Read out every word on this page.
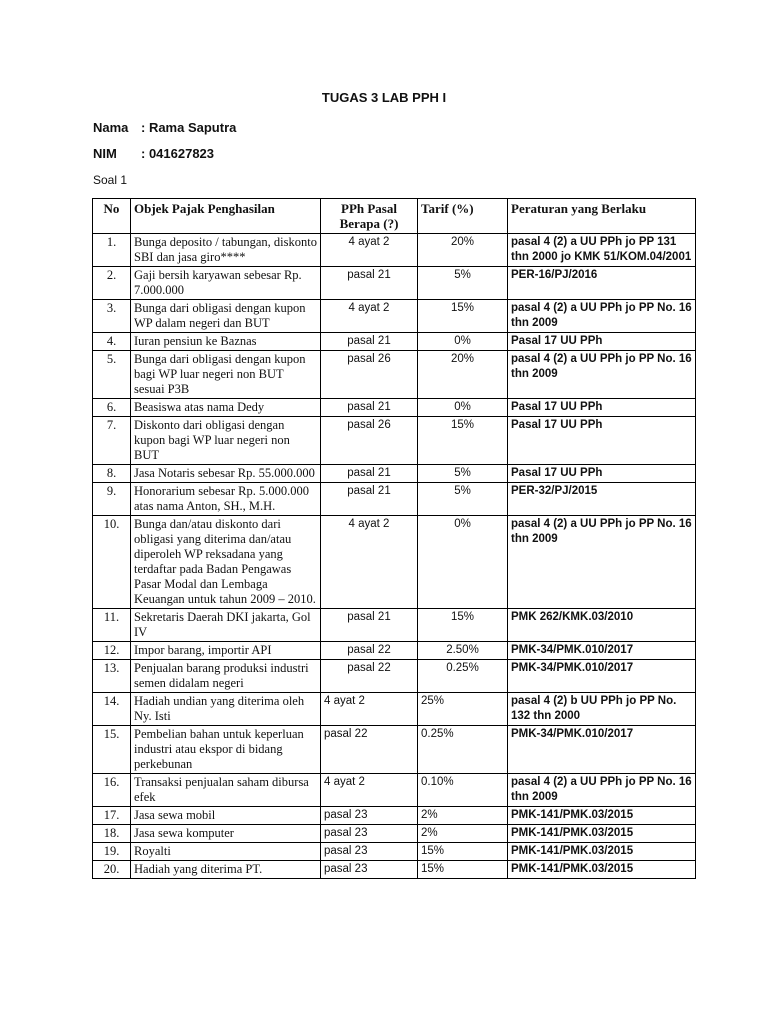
TUGAS 3 LAB PPH I
Nama : Rama Saputra
NIM : 041627823
Soal 1
No	Objek Pajak Penghasilan	PPh Pasal Berapa (?)	Tarif (%)	Peraturan yang Berlaku
1.	Bunga deposito / tabungan, diskonto SBI dan jasa giro****	4 ayat 2	20%	pasal 4 (2) a UU PPh jo PP 131 thn 2000 jo KMK 51/KOM.04/2001
2.	Gaji bersih karyawan sebesar Rp. 7.000.000	pasal 21	5%	PER-16/PJ/2016
3.	Bunga dari obligasi dengan kupon WP dalam negeri dan BUT	4 ayat 2	15%	pasal 4 (2) a UU PPh jo PP No. 16 thn 2009
4.	Iuran pensiun ke Baznas	pasal 21	0%	Pasal 17 UU PPh
5.	Bunga dari obligasi dengan kupon bagi WP luar negeri non BUT sesuai P3B	pasal 26	20%	pasal 4 (2) a UU PPh jo PP No. 16 thn 2009
6.	Beasiswa atas nama Dedy	pasal 21	0%	Pasal 17 UU PPh
7.	Diskonto dari obligasi dengan kupon bagi WP luar negeri non BUT	pasal 26	15%	Pasal 17 UU PPh
8.	Jasa Notaris sebesar Rp. 55.000.000	pasal 21	5%	Pasal 17 UU PPh
9.	Honorarium sebesar Rp. 5.000.000 atas nama Anton, SH., M.H.	pasal 21	5%	PER-32/PJ/2015
10.	Bunga dan/atau diskonto dari obligasi yang diterima dan/atau diperoleh WP reksadana yang terdaftar pada Badan Pengawas Pasar Modal dan Lembaga Keuangan untuk tahun 2009 – 2010.	4 ayat 2	0%	pasal 4 (2) a UU PPh jo PP No. 16 thn 2009
11.	Sekretaris Daerah DKI jakarta, Gol IV	pasal 21	15%	PMK 262/KMK.03/2010
12.	Impor barang, importir API	pasal 22	2.50%	PMK-34/PMK.010/2017
13.	Penjualan barang produksi industri semen didalam negeri	pasal 22	0.25%	PMK-34/PMK.010/2017
14.	Hadiah undian yang diterima oleh Ny. Isti	4 ayat 2	25%	pasal 4 (2) b UU PPh jo PP No. 132 thn 2000
15.	Pembelian bahan untuk keperluan industri atau ekspor di bidang perkebunan	pasal 22	0.25%	PMK-34/PMK.010/2017
16.	Transaksi penjualan saham dibursa efek	4 ayat 2	0.10%	pasal 4 (2) a UU PPh jo PP No. 16 thn 2009
17.	Jasa sewa mobil	pasal 23	2%	PMK-141/PMK.03/2015
18.	Jasa sewa komputer	pasal 23	2%	PMK-141/PMK.03/2015
19.	Royalti	pasal 23	15%	PMK-141/PMK.03/2015
20.	Hadiah yang diterima PT.	pasal 23	15%	PMK-141/PMK.03/2015
